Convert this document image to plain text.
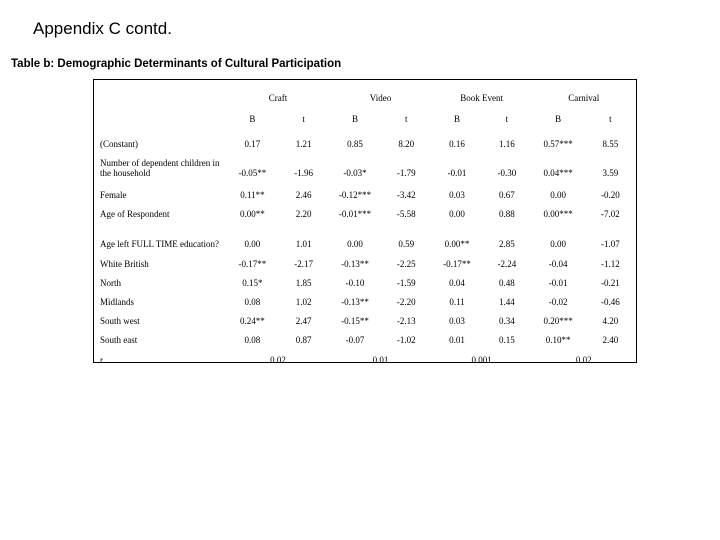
Appendix C contd.
Table b: Demographic Determinants of Cultural Participation
	Craft		Video		Book Event		Carnival	
	B	t	B	t	B	t	B	t
(Constant)	0.17	1.21	0.85	8.20	0.16	1.16	0.57***	8.55
Number of dependent children in the household	-0.05**	-1.96	-0.03*	-1.79	-0.01	-0.30	0.04***	3.59
Female	0.11**	2.46	-0.12***	-3.42	0.03	0.67	0.00	-0.20
Age of Respondent	0.00**	2.20	-0.01***	-5.58	0.00	0.88	0.00***	-7.02
Age left FULL TIME education?	0.00	1.01	0.00	0.59	0.00**	2.85	0.00	-1.07
White British	-0.17**	-2.17	-0.13**	-2.25	-0.17**	-2.24	-0.04	-1.12
North	0.15*	1.85	-0.10	-1.59	0.04	0.48	-0.01	-0.21
Midlands	0.08	1.02	-0.13**	-2.20	0.11	1.44	-0.02	-0.46
South west	0.24**	2.47	-0.15**	-2.13	0.03	0.34	0.20***	4.20
South east	0.08	0.87	-0.07	-1.02	0.01	0.15	0.10**	2.40
r	0.02		0.01		0.001		0.02	
